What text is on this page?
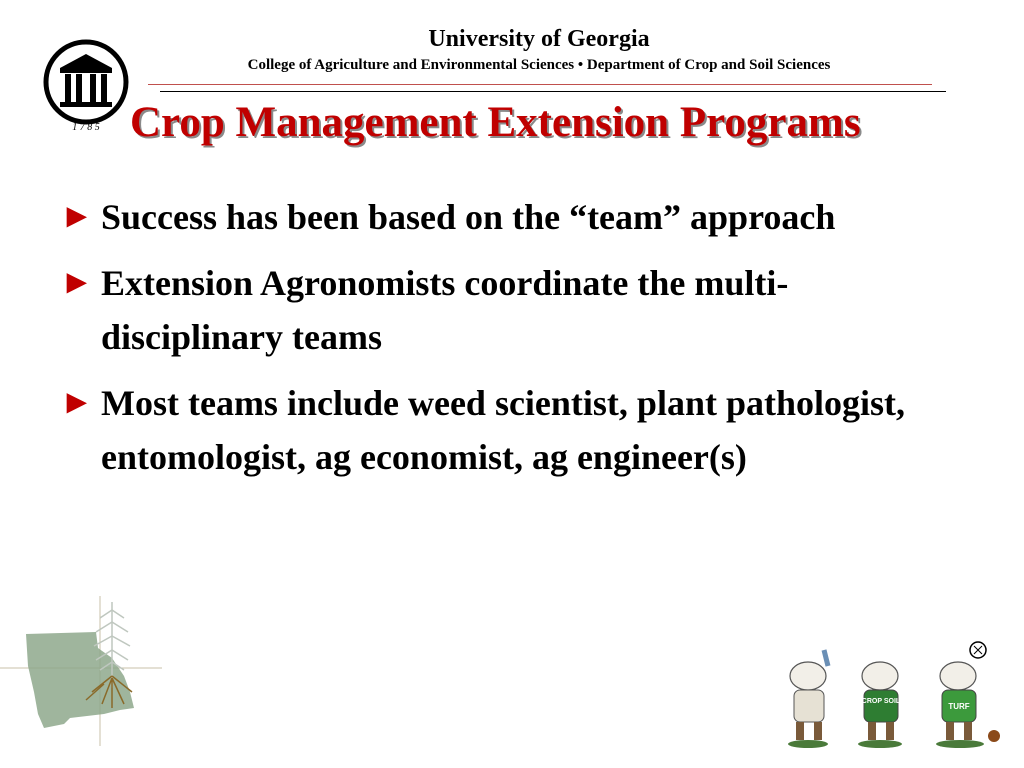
1 7 8 5
University of Georgia
College of Agriculture and Environmental Sciences • Department of Crop and Soil Sciences
Crop Management Extension Programs
► Success has been based on the “team” approach
► Extension Agronomists coordinate the multi-disciplinary teams
► Most teams include weed scientist, plant pathologist, entomologist, ag economist, ag engineer(s)
CROP SOIL
TURF
